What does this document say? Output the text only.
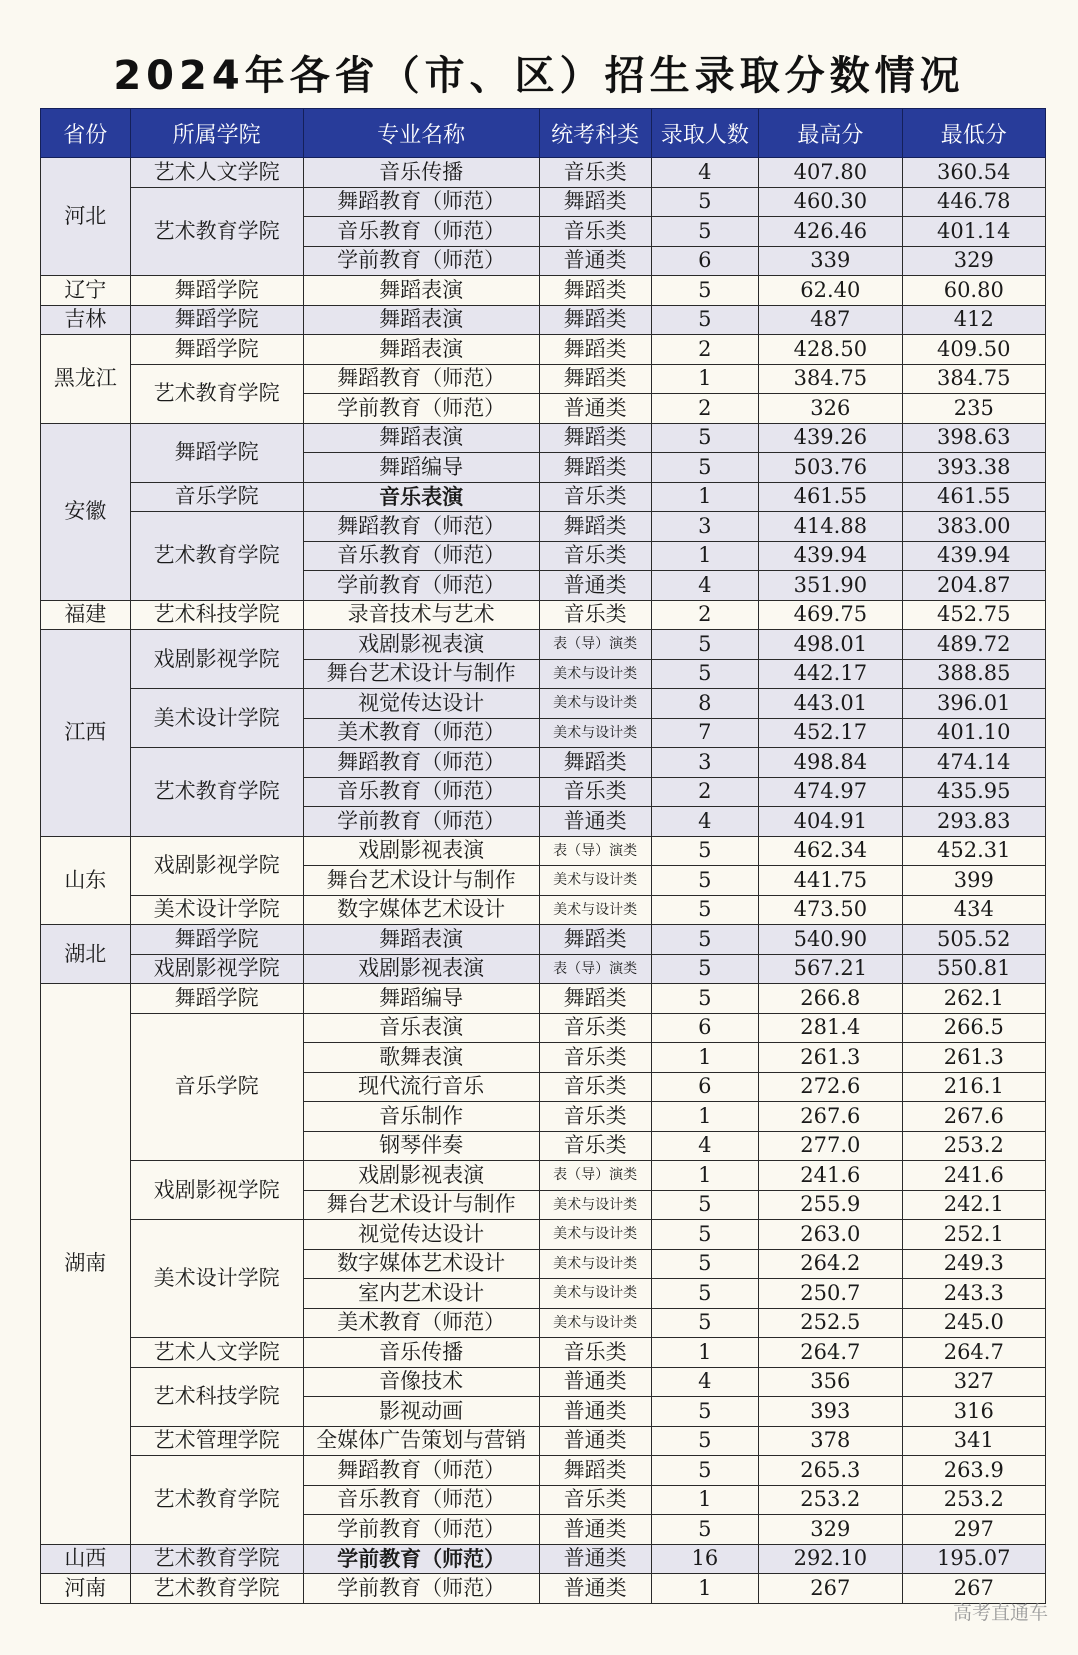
2024年各省（市、区）招生录取分数情况
省份	所属学院	专业名称	统考科类	录取人数	最高分	最低分
河北	艺术人文学院	音乐传播	音乐类	4	407.80	360.54
	艺术教育学院	舞蹈教育（师范）	舞蹈类	5	460.30	446.78
		音乐教育（师范）	音乐类	5	426.46	401.14
		学前教育（师范）	普通类	6	339	329
辽宁	舞蹈学院	舞蹈表演	舞蹈类	5	62.40	60.80
吉林	舞蹈学院	舞蹈表演	舞蹈类	5	487	412
黑龙江	舞蹈学院	舞蹈表演	舞蹈类	2	428.50	409.50
	艺术教育学院	舞蹈教育（师范）	舞蹈类	1	384.75	384.75
		学前教育（师范）	普通类	2	326	235
安徽	舞蹈学院	舞蹈表演	舞蹈类	5	439.26	398.63
		舞蹈编导	舞蹈类	5	503.76	393.38
	音乐学院	音乐表演	音乐类	1	461.55	461.55
	艺术教育学院	舞蹈教育（师范）	舞蹈类	3	414.88	383.00
		音乐教育（师范）	音乐类	1	439.94	439.94
		学前教育（师范）	普通类	4	351.90	204.87
福建	艺术科技学院	录音技术与艺术	音乐类	2	469.75	452.75
江西	戏剧影视学院	戏剧影视表演	表（导）演类	5	498.01	489.72
		舞台艺术设计与制作	美术与设计类	5	442.17	388.85
	美术设计学院	视觉传达设计	美术与设计类	8	443.01	396.01
		美术教育（师范）	美术与设计类	7	452.17	401.10
	艺术教育学院	舞蹈教育（师范）	舞蹈类	3	498.84	474.14
		音乐教育（师范）	音乐类	2	474.97	435.95
		学前教育（师范）	普通类	4	404.91	293.83
山东	戏剧影视学院	戏剧影视表演	表（导）演类	5	462.34	452.31
		舞台艺术设计与制作	美术与设计类	5	441.75	399
	美术设计学院	数字媒体艺术设计	美术与设计类	5	473.50	434
湖北	舞蹈学院	舞蹈表演	舞蹈类	5	540.90	505.52
	戏剧影视学院	戏剧影视表演	表（导）演类	5	567.21	550.81
湖南	舞蹈学院	舞蹈编导	舞蹈类	5	266.8	262.1
	音乐学院	音乐表演	音乐类	6	281.4	266.5
		歌舞表演	音乐类	1	261.3	261.3
		现代流行音乐	音乐类	6	272.6	216.1
		音乐制作	音乐类	1	267.6	267.6
		钢琴伴奏	音乐类	4	277.0	253.2
	戏剧影视学院	戏剧影视表演	表（导）演类	1	241.6	241.6
		舞台艺术设计与制作	美术与设计类	5	255.9	242.1
	美术设计学院	视觉传达设计	美术与设计类	5	263.0	252.1
		数字媒体艺术设计	美术与设计类	5	264.2	249.3
		室内艺术设计	美术与设计类	5	250.7	243.3
		美术教育（师范）	美术与设计类	5	252.5	245.0
	艺术人文学院	音乐传播	音乐类	1	264.7	264.7
	艺术科技学院	音像技术	普通类	4	356	327
		影视动画	普通类	5	393	316
	艺术管理学院	全媒体广告策划与营销	普通类	5	378	341
	艺术教育学院	舞蹈教育（师范）	舞蹈类	5	265.3	263.9
		音乐教育（师范）	音乐类	1	253.2	253.2
		学前教育（师范）	普通类	5	329	297
山西	艺术教育学院	学前教育（师范）	普通类	16	292.10	195.07
河南	艺术教育学院	学前教育（师范）	普通类	1	267	267
高考直通车
